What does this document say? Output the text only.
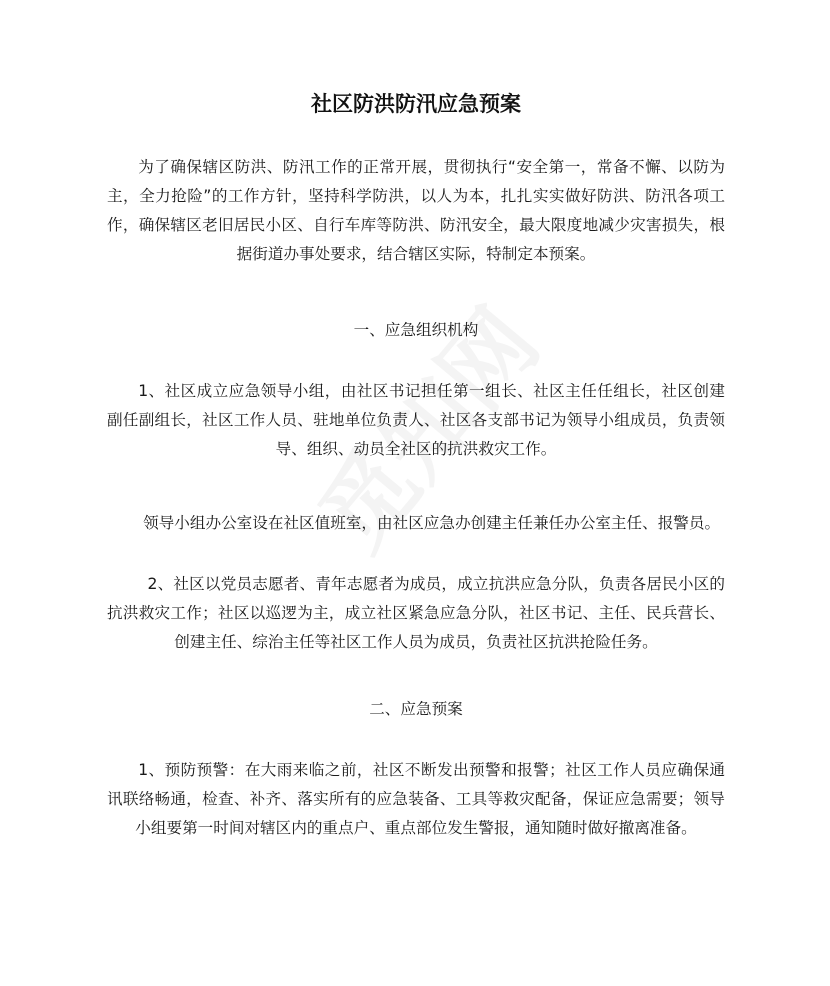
社区防洪防汛应急预案

为了确保辖区防洪、防汛工作的正常开展，贯彻执行“安全第一，常备不懈、以防为主，全力抢险”的工作方针，坚持科学防洪，以人为本，扎扎实实做好防洪、防汛各项工作，确保辖区老旧居民小区、自行车库等防洪、防汛安全，最大限度地减少灾害损失，根据街道办事处要求，结合辖区实际，特制定本预案。

一、应急组织机构

1、社区成立应急领导小组，由社区书记担任第一组长、社区主任任组长，社区创建副任副组长，社区工作人员、驻地单位负责人、社区各支部书记为领导小组成员，负责领导、组织、动员全社区的抗洪救灾工作。

领导小组办公室设在社区值班室，由社区应急办创建主任兼任办公室主任、报警员。

2、社区以党员志愿者、青年志愿者为成员，成立抗洪应急分队，负责各居民小区的抗洪救灾工作；社区以巡逻为主，成立社区紧急应急分队，社区书记、主任、民兵营长、创建主任、综治主任等社区工作人员为成员，负责社区抗洪抢险任务。

二、应急预案

1、预防预警：在大雨来临之前，社区不断发出预警和报警；社区工作人员应确保通讯联络畅通，检查、补齐、落实所有的应急装备、工具等救灾配备，保证应急需要；领导小组要第一时间对辖区内的重点户、重点部位发生警报，通知随时做好撤离准备。
